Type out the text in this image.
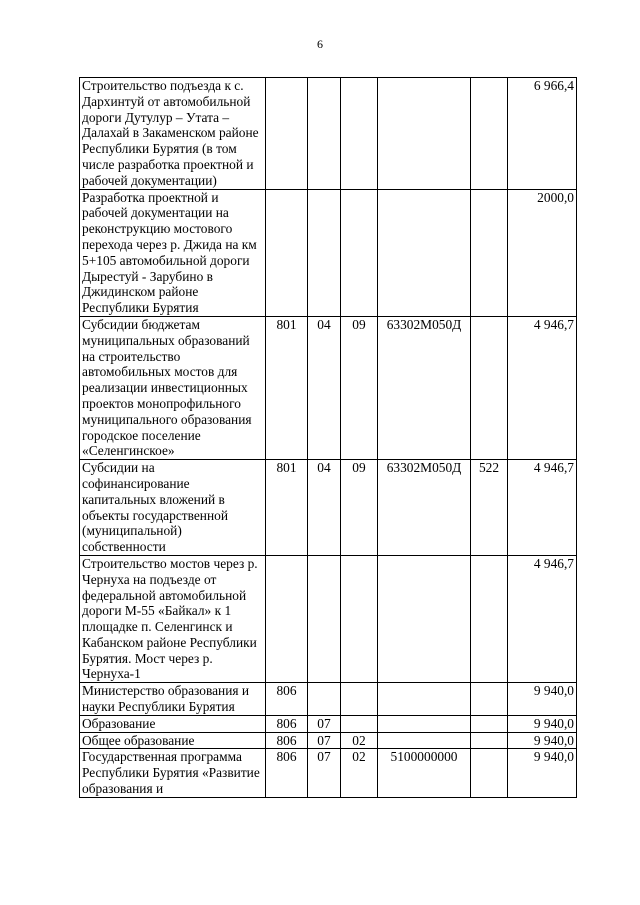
6
Строительство подъезда к с. Дархинтуй от автомобильной дороги Дутулур – Утата – Далахай в Закаменском районе Республики Бурятия (в том числе разработка проектной и рабочей документации)						6 966,4
Разработка проектной и рабочей документации на реконструкцию мостового перехода через р. Джида на км 5+105 автомобильной дороги Дырестуй - Зарубино в Джидинском районе Республики Бурятия						2000,0
Субсидии бюджетам муниципальных образований на строительство автомобильных мостов для реализации инвестиционных проектов монопрофильного муниципального образования городское поселение «Селенгинское»	801	04	09	63302М050Д		4 946,7
Субсидии на софинансирование капитальных вложений в объекты государственной (муниципальной) собственности	801	04	09	63302М050Д	522	4 946,7
Строительство мостов через р. Чернуха на подъезде от федеральной автомобильной дороги М-55 «Байкал» к 1 площадке п. Селенгинск и Кабанском районе Республики Бурятия. Мост через р. Чернуха-1						4 946,7
Министерство образования и науки Республики Бурятия	806					9 940,0
Образование	806	07				9 940,0
Общее образование	806	07	02			9 940,0
Государственная программа Республики Бурятия «Развитие образования и	806	07	02	5100000000		9 940,0
